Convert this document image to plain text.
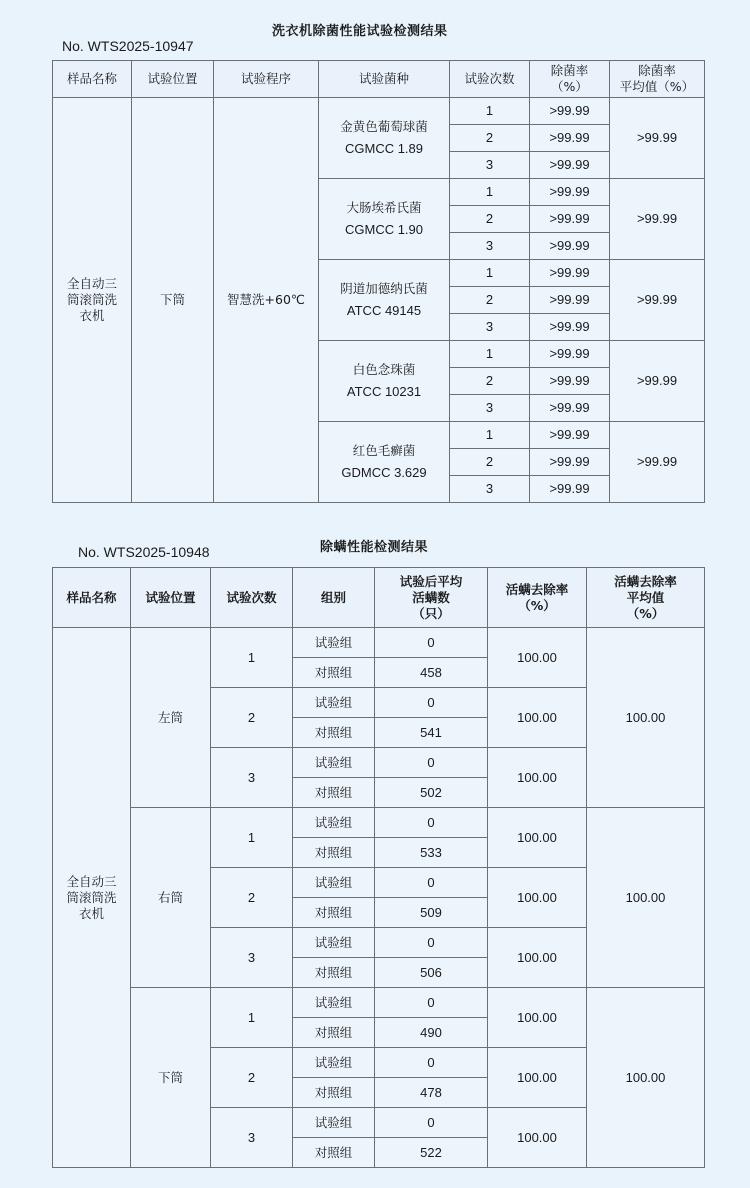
洗衣机除菌性能试验检测结果
No. WTS2025-10947
样品名称	试验位置	试验程序	试验菌种	试验次数	除菌率
（%）	除菌率
平均值（%）
全自动三
筒滚筒洗
衣机	下筒	智慧洗+60℃	金黄色葡萄球菌
CGMCC 1.89	1	>99.99	>99.99
				2	>99.99	
				3	>99.99	

			大肠埃希氏菌
CGMCC 1.90	1	>99.99	>99.99
				2	>99.99	
				3	>99.99	

			阴道加德纳氏菌
ATCC 49145	1	>99.99	>99.99
				2	>99.99	
				3	>99.99	

			白色念珠菌
ATCC 10231	1	>99.99	>99.99
				2	>99.99	
				3	>99.99	

			红色毛癣菌
GDMCC 3.629	1	>99.99	>99.99
				2	>99.99	
				3	>99.99	
除螨性能检测结果
No. WTS2025-10948
样品名称	试验位置	试验次数	组别	试验后平均
活螨数
（只）	活螨去除率
（%）	活螨去除率
平均值
（%）
全自动三
筒滚筒洗
衣机	左筒	1	试验组	0	100.00	100.00
			对照组	458		
		2	试验组	0	100.00	
			对照组	541		
		3	试验组	0	100.00	
			对照组	502		
	右筒	1	试验组	0	100.00	100.00
			对照组	533		
		2	试验组	0	100.00	
			对照组	509		
		3	试验组	0	100.00	
			对照组	506		
	下筒	1	试验组	0	100.00	100.00
			对照组	490		
		2	试验组	0	100.00	
			对照组	478		
		3	试验组	0	100.00	
			对照组	522		
